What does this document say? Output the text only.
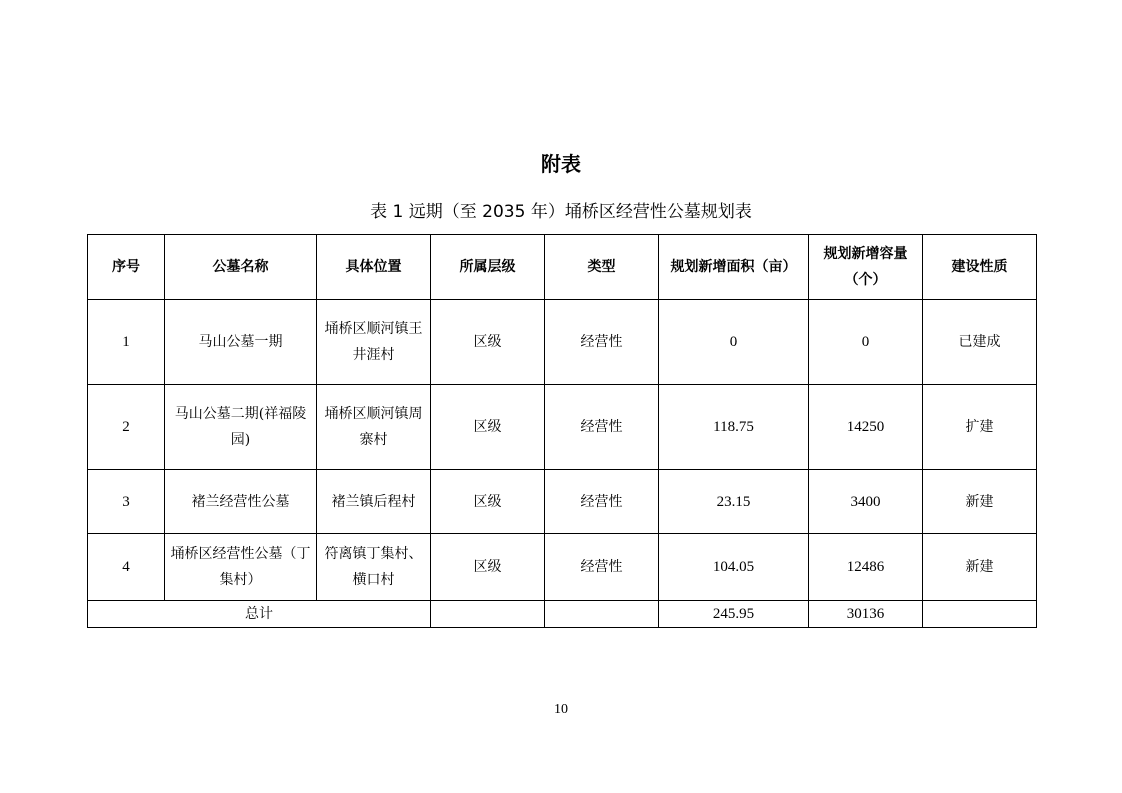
附表
表 1 远期（至 2035 年）埇桥区经营性公墓规划表
序号	公墓名称	具体位置	所属层级	类型	规划新增面积（亩）	规划新增容量（个）	建设性质
1	马山公墓一期	埇桥区顺河镇王井涯村	区级	经营性	0	0	已建成
2	马山公墓二期(祥福陵园)	埇桥区顺河镇周寨村	区级	经营性	118.75	14250	扩建
3	褚兰经营性公墓	褚兰镇后程村	区级	经营性	23.15	3400	新建
4	埇桥区经营性公墓（丁集村）	符离镇丁集村、横口村	区级	经营性	104.05	12486	新建
总计					245.95	30136	
10
